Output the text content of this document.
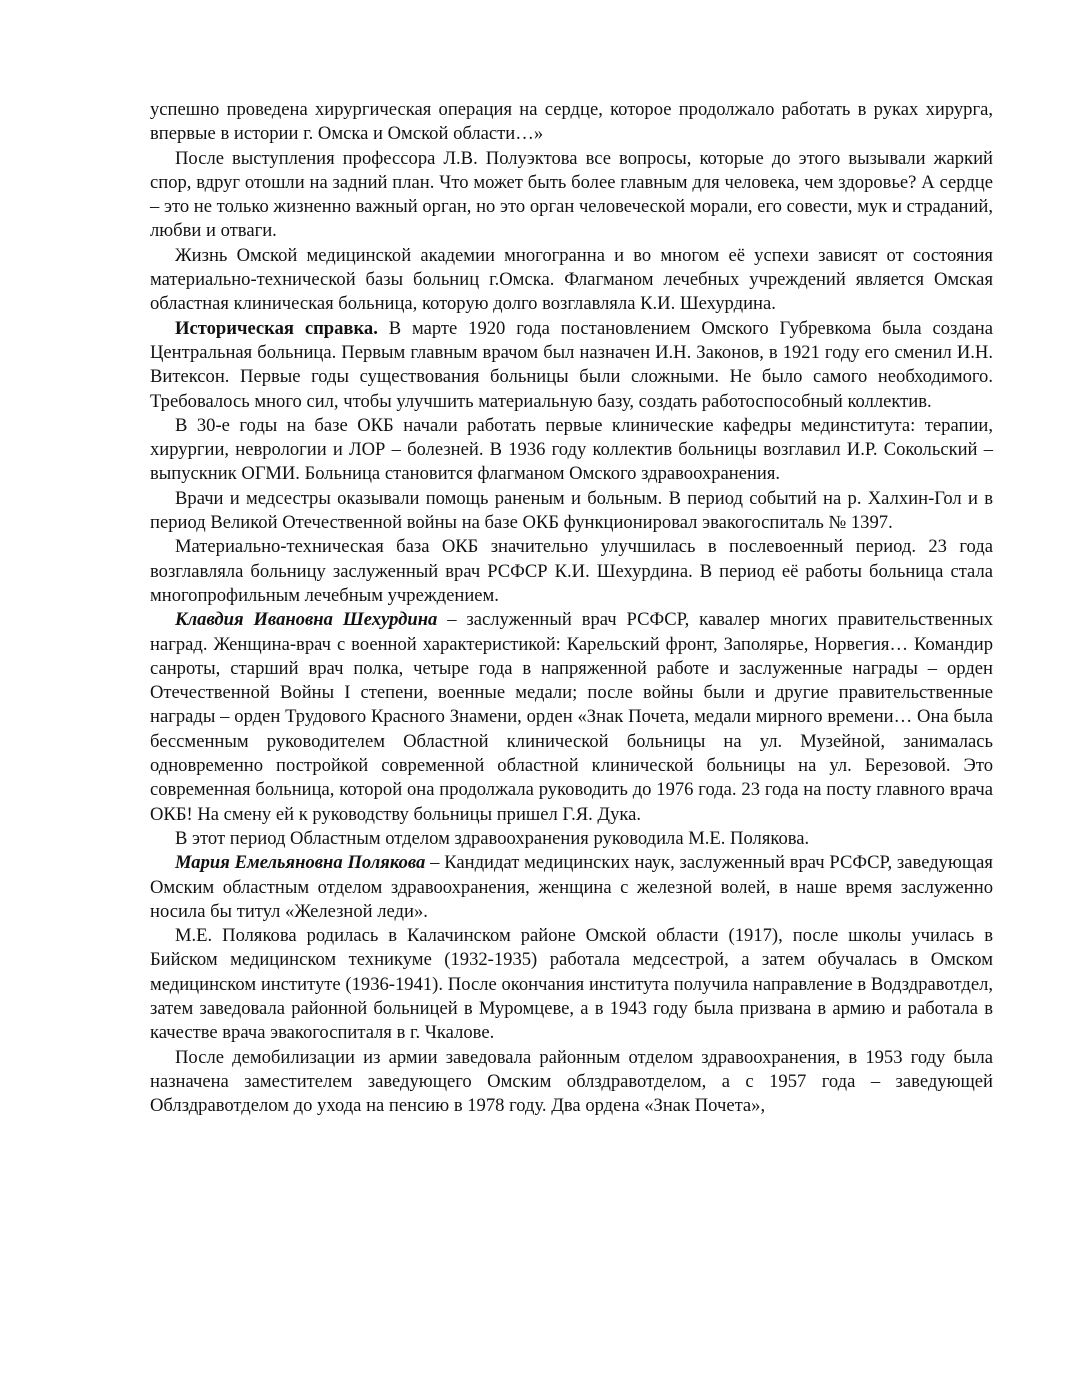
успешно проведена хирургическая операция на сердце, которое продолжало работать в руках хирурга, впервые в истории г. Омска и Омской области…»

После выступления профессора Л.В. Полуэктова все вопросы, которые до этого вызывали жаркий спор, вдруг отошли на задний план. Что может быть более главным для человека, чем здоровье? А сердце – это не только жизненно важный орган, но это орган человеческой морали, его совести, мук и страданий, любви и отваги.

Жизнь Омской медицинской академии многогранна и во многом её успехи зависят от состояния материально-технической базы больниц г.Омска. Флагманом лечебных учреждений является Омская областная клиническая больница, которую долго возглавляла К.И. Шехурдина.

Историческая справка. В марте 1920 года постановлением Омского Губревкома была создана Центральная больница. Первым главным врачом был назначен И.Н. Законов, в 1921 году его сменил И.Н. Витексон. Первые годы существования больницы были сложными. Не было самого необходимого. Требовалось много сил, чтобы улучшить материальную базу, создать работоспособный коллектив.

В 30-е годы на базе ОКБ начали работать первые клинические кафедры мединститута: терапии, хирургии, неврологии и ЛОР – болезней. В 1936 году коллектив больницы возглавил И.Р. Сокольский – выпускник ОГМИ. Больница становится флагманом Омского здравоохранения.

Врачи и медсестры оказывали помощь раненым и больным. В период событий на р. Халхин-Гол и в период Великой Отечественной войны на базе ОКБ функционировал эвакогоспиталь № 1397.

Материально-техническая база ОКБ значительно улучшилась в послевоенный период. 23 года возглавляла больницу заслуженный врач РСФСР К.И. Шехурдина. В период её работы больница стала многопрофильным лечебным учреждением.

Клавдия Ивановна Шехурдина – заслуженный врач РСФСР, кавалер многих правительственных наград. Женщина-врач с военной характеристикой: Карельский фронт, Заполярье, Норвегия… Командир санроты, старший врач полка, четыре года в напряженной работе и заслуженные награды – орден Отечественной Войны I степени, военные медали; после войны были и другие правительственные награды – орден Трудового Красного Знамени, орден «Знак Почета, медали мирного времени… Она была бессменным руководителем Областной клинической больницы на ул. Музейной, занималась одновременно постройкой современной областной клинической больницы на ул. Березовой. Это современная больница, которой она продолжала руководить до 1976 года. 23 года на посту главного врача ОКБ! На смену ей к руководству больницы пришел Г.Я. Дука.

В этот период Областным отделом здравоохранения руководила М.Е. Полякова.

Мария Емельяновна Полякова – Кандидат медицинских наук, заслуженный врач РСФСР, заведующая Омским областным отделом здравоохранения, женщина с железной волей, в наше время заслуженно носила бы титул «Железной леди».

М.Е. Полякова родилась в Калачинском районе Омской области (1917), после школы училась в Бийском медицинском техникуме (1932-1935) работала медсестрой, а затем обучалась в Омском медицинском институте (1936-1941). После окончания института получила направление в Водздравотдел, затем заведовала районной больницей в Муромцеве, а в 1943 году была призвана в армию и работала в качестве врача эвакогоспиталя в г. Чкалове.

После демобилизации из армии заведовала районным отделом здравоохранения, в 1953 году была назначена заместителем заведующего Омским облздравотделом, а с 1957 года – заведующей Облздравотделом до ухода на пенсию в 1978 году. Два ордена «Знак Почета»,
